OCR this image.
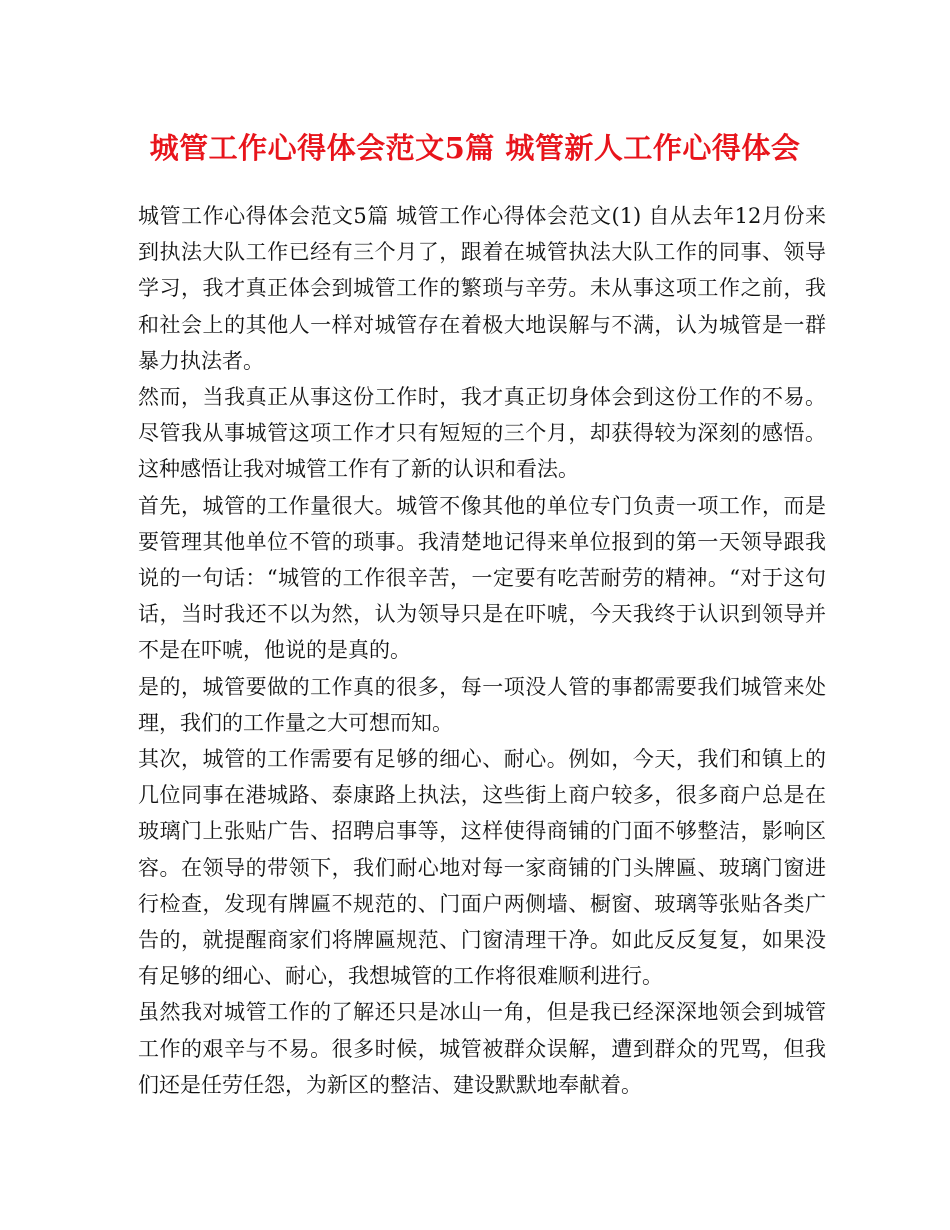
城管工作心得体会范文5篇 城管新人工作心得体会

城管工作心得体会范文5篇 城管工作心得体会范文(1) 自从去年12月份来到执法大队工作已经有三个月了，跟着在城管执法大队工作的同事、领导学习，我才真正体会到城管工作的繁琐与辛劳。未从事这项工作之前，我和社会上的其他人一样对城管存在着极大地误解与不满，认为城管是一群暴力执法者。

然而，当我真正从事这份工作时，我才真正切身体会到这份工作的不易。尽管我从事城管这项工作才只有短短的三个月，却获得较为深刻的感悟。这种感悟让我对城管工作有了新的认识和看法。

首先，城管的工作量很大。城管不像其他的单位专门负责一项工作，而是要管理其他单位不管的琐事。我清楚地记得来单位报到的第一天领导跟我说的一句话：“城管的工作很辛苦，一定要有吃苦耐劳的精神。“对于这句话，当时我还不以为然，认为领导只是在吓唬，今天我终于认识到领导并不是在吓唬，他说的是真的。

是的，城管要做的工作真的很多，每一项没人管的事都需要我们城管来处理，我们的工作量之大可想而知。

其次，城管的工作需要有足够的细心、耐心。例如，今天，我们和镇上的几位同事在港城路、泰康路上执法，这些街上商户较多，很多商户总是在玻璃门上张贴广告、招聘启事等，这样使得商铺的门面不够整洁，影响区容。在领导的带领下，我们耐心地对每一家商铺的门头牌匾、玻璃门窗进行检查，发现有牌匾不规范的、门面户两侧墙、橱窗、玻璃等张贴各类广告的，就提醒商家们将牌匾规范、门窗清理干净。如此反反复复，如果没有足够的细心、耐心，我想城管的工作将很难顺利进行。

虽然我对城管工作的了解还只是冰山一角，但是我已经深深地领会到城管工作的艰辛与不易。很多时候，城管被群众误解，遭到群众的咒骂，但我们还是任劳任怨，为新区的整洁、建设默默地奉献着。
